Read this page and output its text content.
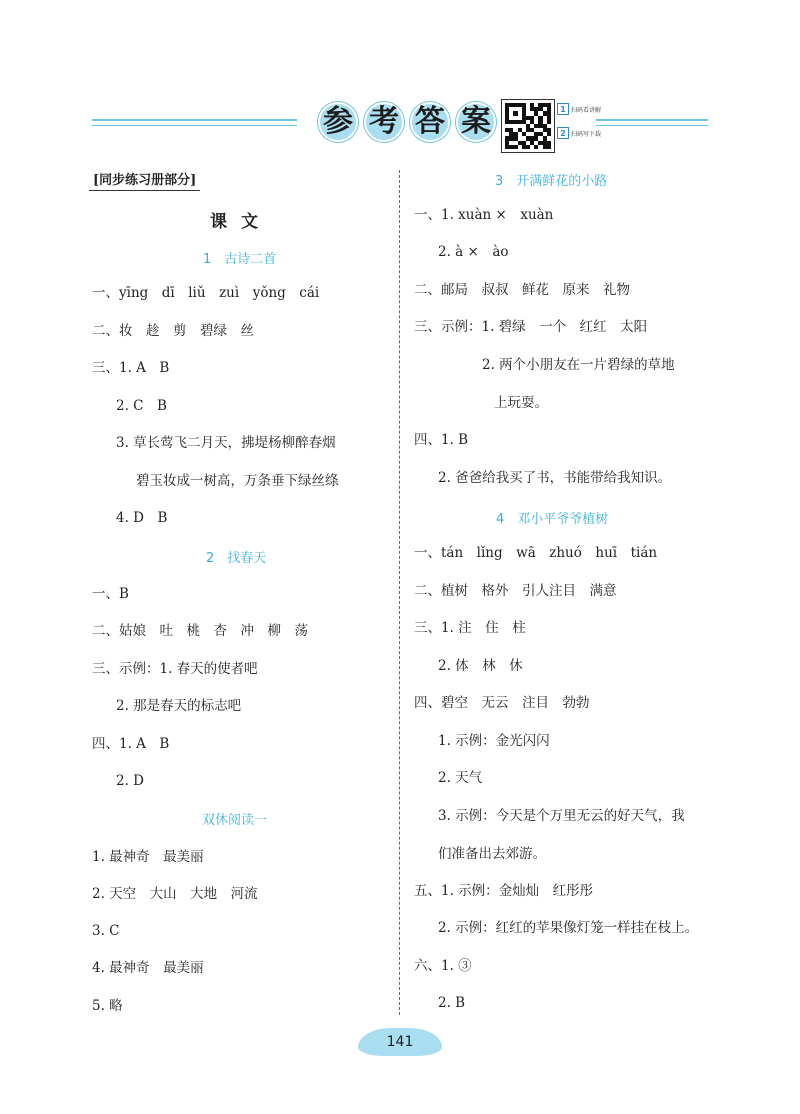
参 考 答 案	1 扫码看讲解
2 扫码写下载
[ 同步练习册部分 ]
课文
1　古诗二首
一、yīng　dī　liǔ　zuì　yǒng　cái
二、妆　趁　剪　碧绿　丝
三、1. A　B
2. C　B
3. 草长莺飞二月天，拂堤杨柳醉春烟
碧玉妆成一树高，万条垂下绿丝绦
4. D　B
2　找春天
一、B
二、姑娘　吐　桃　杏　冲　柳　荡
三、示例：1. 春天的使者吧
2. 那是春天的标志吧
四、1. A　B
2. D
双休阅读一
1. 最神奇　最美丽
2. 天空　大山　大地　河流
3. C
4. 最神奇　最美丽
5. 略
3　开满鲜花的小路
一、1. xuàn ×　xuàn
2. à ×　ào
二、邮局　叔叔　鲜花　原来　礼物
三、示例：1. 碧绿　一个　红红　太阳
2. 两个小朋友在一片碧绿的草地
上玩耍。
四、1. B
2. 爸爸给我买了书，书能带给我知识。
4　邓小平爷爷植树
一、tán　lǐng　wā　zhuó　huī　tián
二、植树　格外　引人注目　满意
三、1. 注　住　柱
2. 体　林　休
四、碧空　无云　注目　勃勃
1. 示例：金光闪闪
2. 天气
3. 示例：今天是个万里无云的好天气，我
们准备出去郊游。
五、1. 示例：金灿灿　红彤彤
2. 示例：红红的苹果像灯笼一样挂在枝上。
六、1. ③
2. B
141
